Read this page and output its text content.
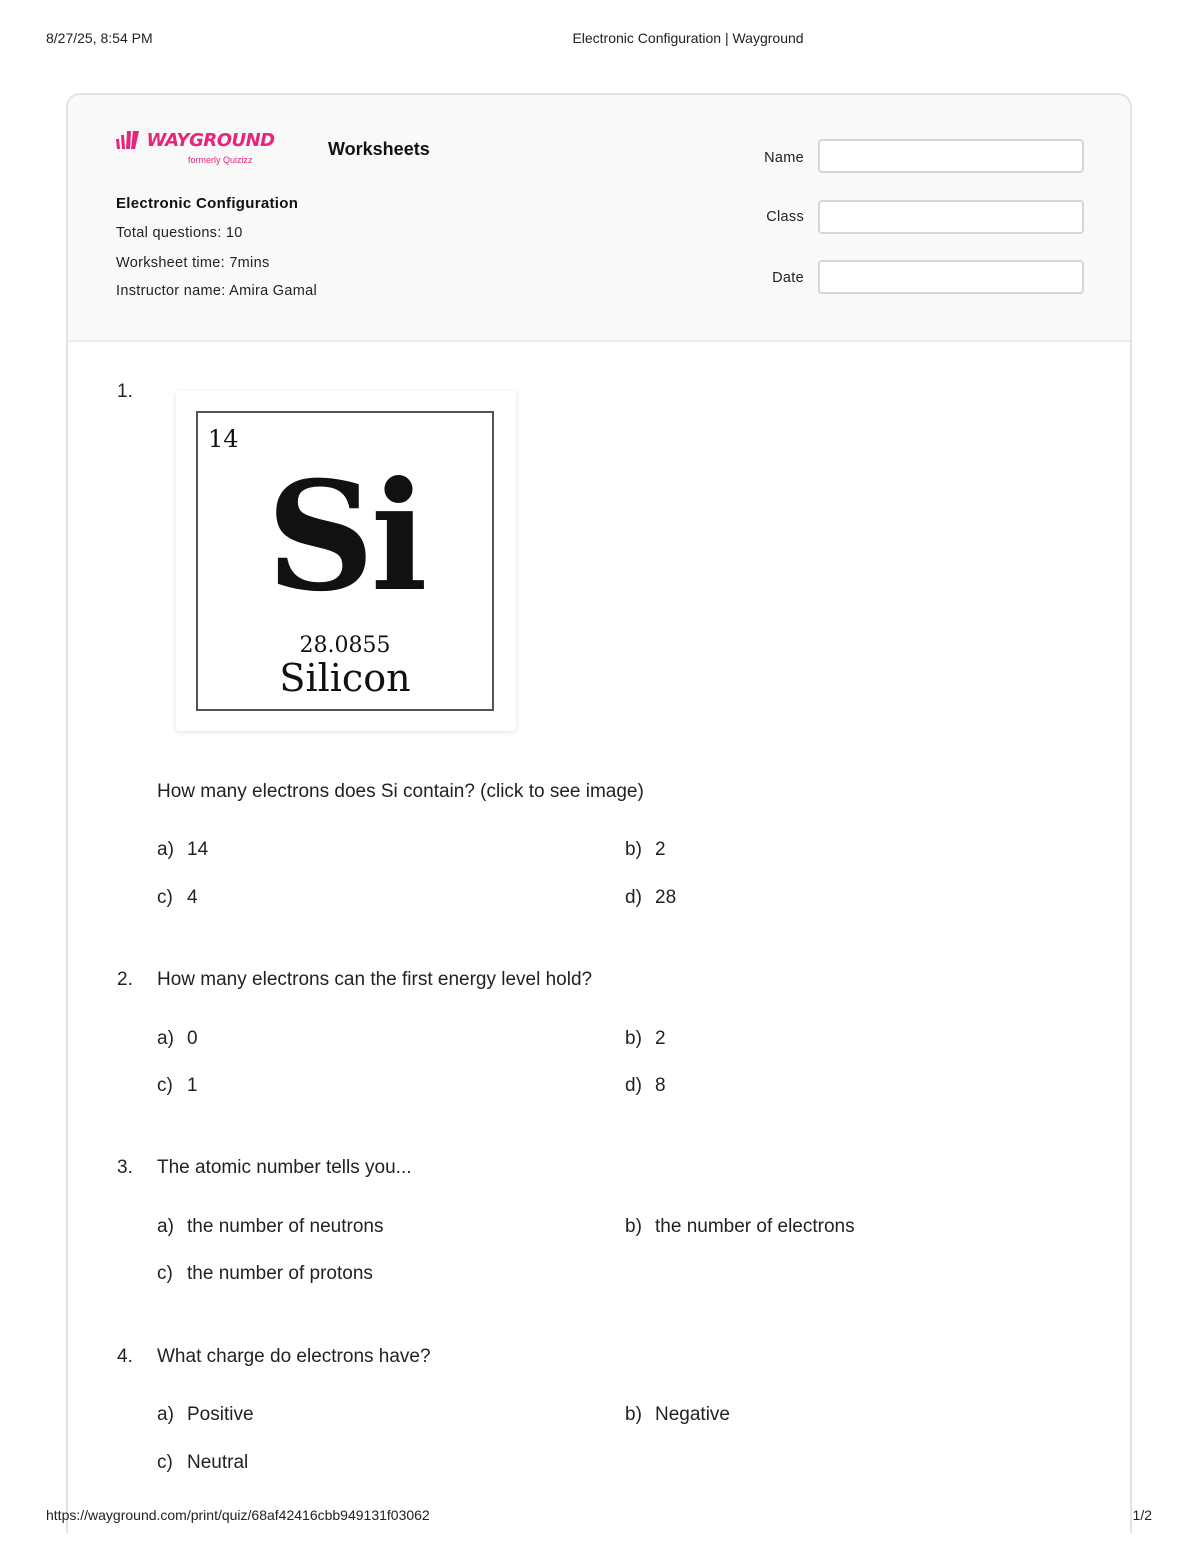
8/27/25, 8:54 PM	Electronic Configuration | Wayground
WAYGROUND
formerly Quizizz
Worksheets
Electronic Configuration
Total questions: 10
Worksheet time: 7mins
Instructor name: Amira Gamal
Name
Class
Date
1.
14
Si
28.0855
Silicon
How many electrons does Si contain? (click to see image)
a) 14	b) 2
c) 4	d) 28
2. How many electrons can the first energy level hold?
a) 0	b) 2
c) 1	d) 8
3. The atomic number tells you...
a) the number of neutrons	b) the number of electrons
c) the number of protons
4. What charge do electrons have?
a) Positive	b) Negative
c) Neutral
https://wayground.com/print/quiz/68af42416cbb949131f03062	1/2
